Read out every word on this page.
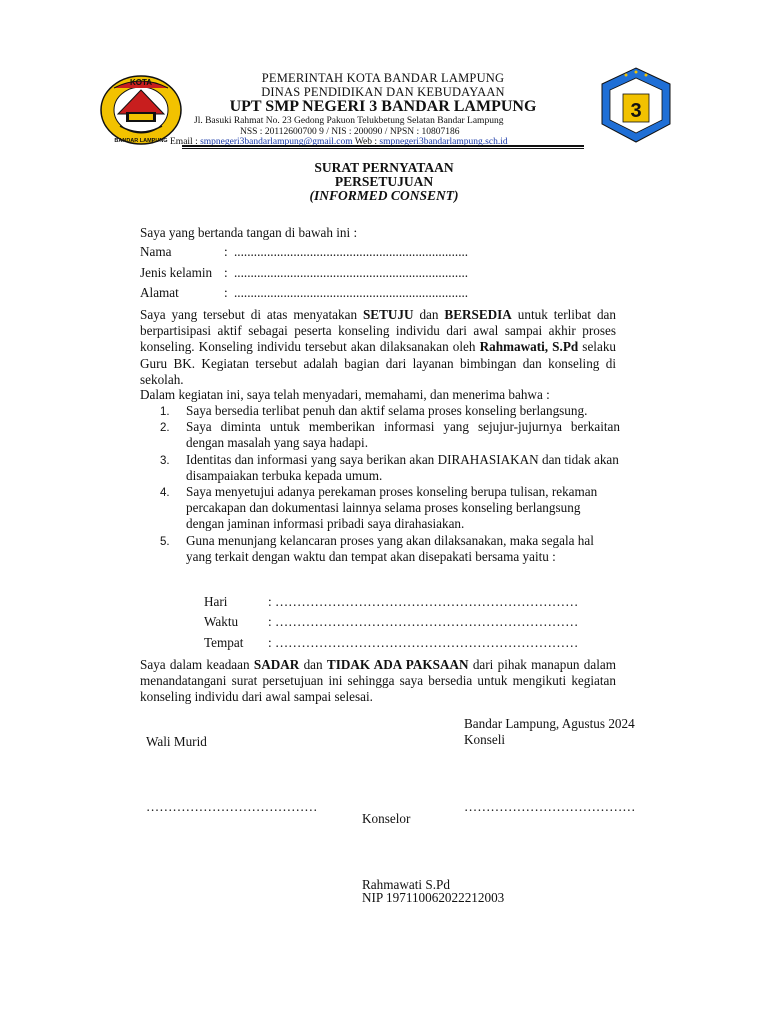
KOTA
BANDAR LAMPUNG
PEMERINTAH KOTA BANDAR LAMPUNG
DINAS PENDIDIKAN DAN KEBUDAYAAN
UPT SMP NEGERI 3 BANDAR LAMPUNG
Jl. Basuki Rahmat No. 23 Gedong Pakuon Telukbetung Selatan Bandar Lampung
NSS : 20112600700 9 / NIS : 200090 / NPSN : 10807186
Email : smpnegeri3bandarlampung@gmail.com Web : smpnegeri3bandarlampung.sch.id
3
SURAT PERNYATAAN
PERSETUJUAN
(INFORMED CONSENT)
Saya yang bertanda tangan di bawah ini :
Nama	: .......................................................................
Jenis kelamin : .......................................................................
Alamat	: .......................................................................
Saya yang tersebut di atas menyatakan SETUJU dan BERSEDIA untuk terlibat dan berpartisipasi aktif sebagai peserta konseling individu dari awal sampai akhir proses konseling. Konseling individu tersebut akan dilaksanakan oleh Rahmawati, S.Pd selaku Guru BK. Kegiatan tersebut adalah bagian dari layanan bimbingan dan konseling di sekolah.
Dalam kegiatan ini, saya telah menyadari, memahami, dan menerima bahwa :
1. Saya bersedia terlibat penuh dan aktif selama proses konseling berlangsung.
2. Saya diminta untuk memberikan informasi yang sejujur-jujurnya berkaitan dengan masalah yang saya hadapi.
3. Identitas dan informasi yang saya berikan akan DIRAHASIAKAN dan tidak akan disampaiakan terbuka kepada umum.
4. Saya menyetujui adanya perekaman proses konseling berupa tulisan, rekaman percakapan dan dokumentasi lainnya selama proses konseling berlangsung dengan jaminan informasi pribadi saya dirahasiakan.
5. Guna menunjang kelancaran proses yang akan dilaksanakan, maka segala hal yang terkait dengan waktu dan tempat akan disepakati bersama yaitu :
Hari	: ……………………………………………………………
Waktu : ……………………………………………………………
Tempat : ……………………………………………………………
Saya dalam keadaan SADAR dan TIDAK ADA PAKSAAN dari pihak manapun dalam menandatangani surat persetujuan ini sehingga saya bersedia untuk mengikuti kegiatan konseling individu dari awal sampai selesai.
Bandar Lampung, Agustus 2024
Konseli
Wali Murid
…………………………………	…………………………………
Konselor
Rahmawati S.Pd
NIP 197110062022212003
